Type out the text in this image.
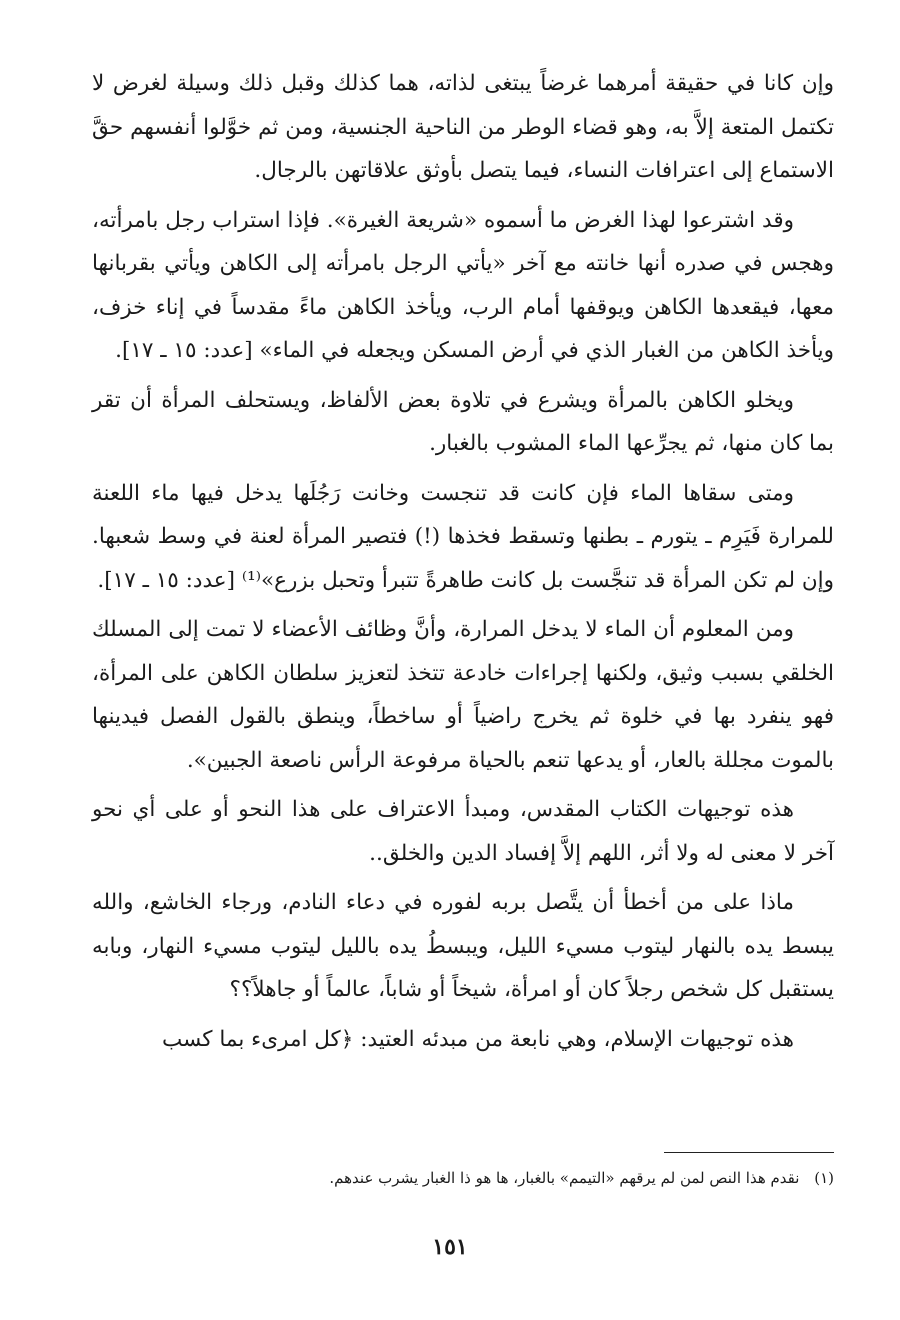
وإن كانا في حقيقة أمرهما غرضاً يبتغى لذاته، هما كذلك وقبل ذلك وسيلة لغرض لا تكتمل المتعة إلاَّ به، وهو قضاء الوطر من الناحية الجنسية، ومن ثم خوَّلوا أنفسهم حقَّ الاستماع إلى اعترافات النساء، فيما يتصل بأوثق علاقاتهن بالرجال.

وقد اشترعوا لهذا الغرض ما أسموه «شريعة الغيرة». فإذا استراب رجل بامرأته، وهجس في صدره أنها خانته مع آخر «يأتي الرجل بامرأته إلى الكاهن ويأتي بقربانها معها، فيقعدها الكاهن ويوقفها أمام الرب، ويأخذ الكاهن ماءً مقدساً في إناء خزف، ويأخذ الكاهن من الغبار الذي في أرض المسكن ويجعله في الماء» [عدد: ١٥ ـ ١٧].

ويخلو الكاهن بالمرأة ويشرع في تلاوة بعض الألفاظ، ويستحلف المرأة أن تقر بما كان منها، ثم يجرِّعها الماء المشوب بالغبار.

ومتى سقاها الماء فإن كانت قد تنجست وخانت رَجُلَها يدخل فيها ماء اللعنة للمرارة فَيَرِم ـ يتورم ـ بطنها وتسقط فخذها (!) فتصير المرأة لعنة في وسط شعبها. وإن لم تكن المرأة قد تنجَّست بل كانت طاهرةً تتبرأ وتحبل بزرع»⁽¹⁾ [عدد: ١٥ ـ ١٧].

ومن المعلوم أن الماء لا يدخل المرارة، وأنَّ وظائف الأعضاء لا تمت إلى المسلك الخلقي بسبب وثيق، ولكنها إجراءات خادعة تتخذ لتعزيز سلطان الكاهن على المرأة، فهو ينفرد بها في خلوة ثم يخرج راضياً أو ساخطاً، وينطق بالقول الفصل فيدينها بالموت مجللة بالعار، أو يدعها تنعم بالحياة مرفوعة الرأس ناصعة الجبين».

هذه توجيهات الكتاب المقدس، ومبدأ الاعتراف على هذا النحو أو على أي نحو آخر لا معنى له ولا أثر، اللهم إلاَّ إفساد الدين والخلق..

ماذا على من أخطأ أن يتَّصل بربه لفوره في دعاء النادم، ورجاء الخاشع، والله يبسط يده بالنهار ليتوب مسيء الليل، ويبسطُ يده بالليل ليتوب مسيء النهار، وبابه يستقبل كل شخص رجلاً كان أو امرأة، شيخاً أو شاباً، عالماً أو جاهلاً؟؟

هذه توجيهات الإسلام، وهي نابعة من مبدئه العتيد: ﴿كل امرىء بما كسب

(١) نقدم هذا النص لمن لم يرقهم «التيمم» بالغبار، ها هو ذا الغبار يشرب عندهم.
١٥١
